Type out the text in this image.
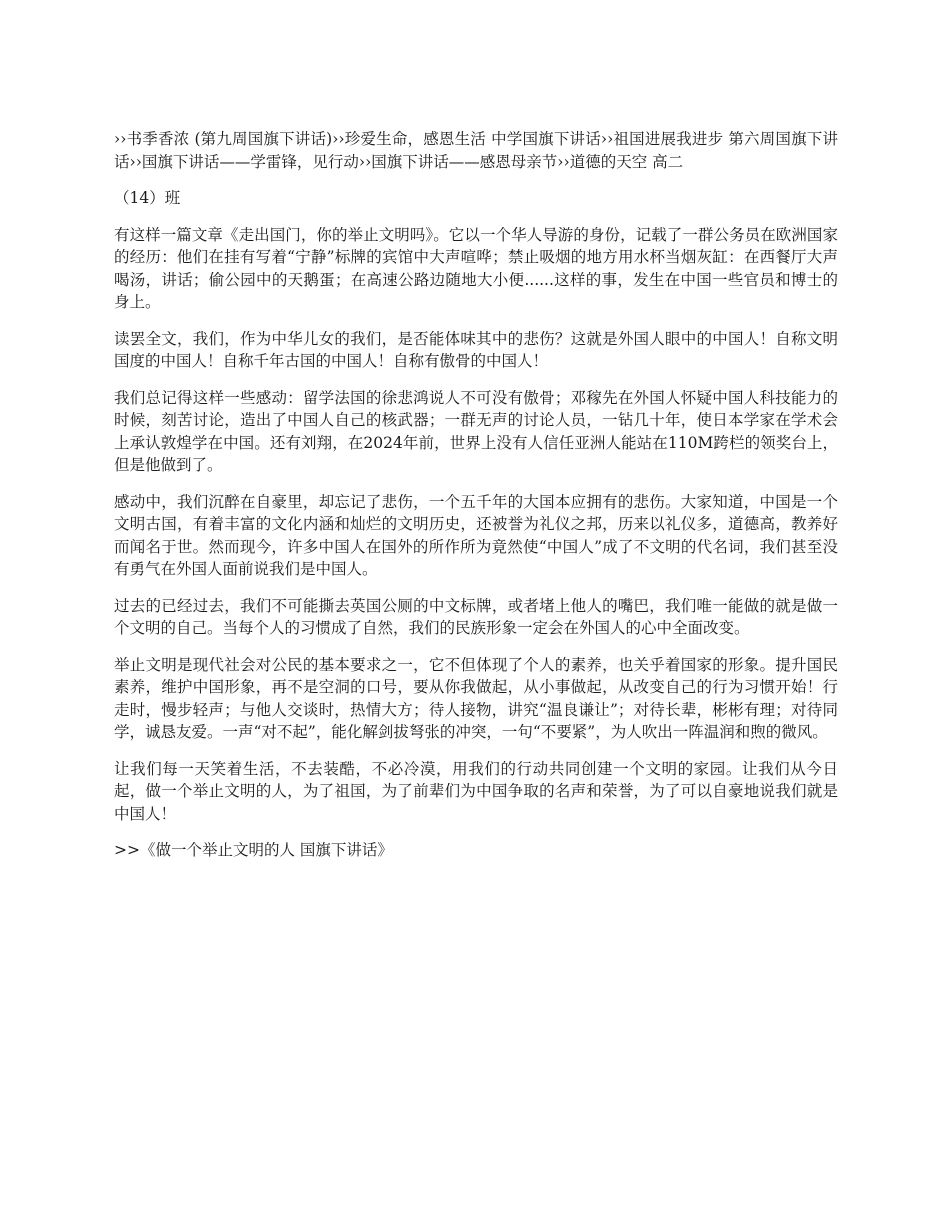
››书季香浓 (第九周国旗下讲话)››珍爱生命，感恩生活 中学国旗下讲话››祖国进展我进步 第六周国旗下讲话››国旗下讲话——学雷锋，见行动››国旗下讲话——感恩母亲节››道德的天空 高二

（14）班

有这样一篇文章《走出国门，你的举止文明吗》。它以一个华人导游的身份，记载了一群公务员在欧洲国家的经历：他们在挂有写着“宁静”标牌的宾馆中大声喧哗；禁止吸烟的地方用水杯当烟灰缸：在西餐厅大声喝汤，讲话；偷公园中的天鹅蛋；在高速公路边随地大小便......这样的事，发生在中国一些官员和博士的身上。

读罢全文，我们，作为中华儿女的我们，是否能体味其中的悲伤？这就是外国人眼中的中国人！自称文明国度的中国人！自称千年古国的中国人！自称有傲骨的中国人！

我们总记得这样一些感动：留学法国的徐悲鸿说人不可没有傲骨；邓稼先在外国人怀疑中国人科技能力的时候，刻苦讨论，造出了中国人自己的核武器；一群无声的讨论人员，一钻几十年，使日本学家在学术会上承认敦煌学在中国。还有刘翔，在2024年前，世界上没有人信任亚洲人能站在110M跨栏的领奖台上，但是他做到了。

感动中，我们沉醉在自豪里，却忘记了悲伤，一个五千年的大国本应拥有的悲伤。大家知道，中国是一个文明古国，有着丰富的文化内涵和灿烂的文明历史，还被誉为礼仪之邦，历来以礼仪多，道德高，教养好而闻名于世。然而现今，许多中国人在国外的所作所为竟然使“中国人”成了不文明的代名词，我们甚至没有勇气在外国人面前说我们是中国人。

过去的已经过去，我们不可能撕去英国公厕的中文标牌，或者堵上他人的嘴巴，我们唯一能做的就是做一个文明的自己。当每个人的习惯成了自然，我们的民族形象一定会在外国人的心中全面改变。

举止文明是现代社会对公民的基本要求之一，它不但体现了个人的素养，也关乎着国家的形象。提升国民素养，维护中国形象，再不是空洞的口号，要从你我做起，从小事做起，从改变自己的行为习惯开始！行走时，慢步轻声；与他人交谈时，热情大方；待人接物，讲究“温良谦让”；对待长辈，彬彬有理；对待同学，诚恳友爱。一声“对不起”，能化解剑拔弩张的冲突，一句“不要紧”，为人吹出一阵温润和煦的微风。

让我们每一天笑着生活，不去装酷，不必冷漠，用我们的行动共同创建一个文明的家园。让我们从今日起，做一个举止文明的人，为了祖国，为了前辈们为中国争取的名声和荣誉，为了可以自豪地说我们就是中国人！

>>《做一个举止文明的人 国旗下讲话》
